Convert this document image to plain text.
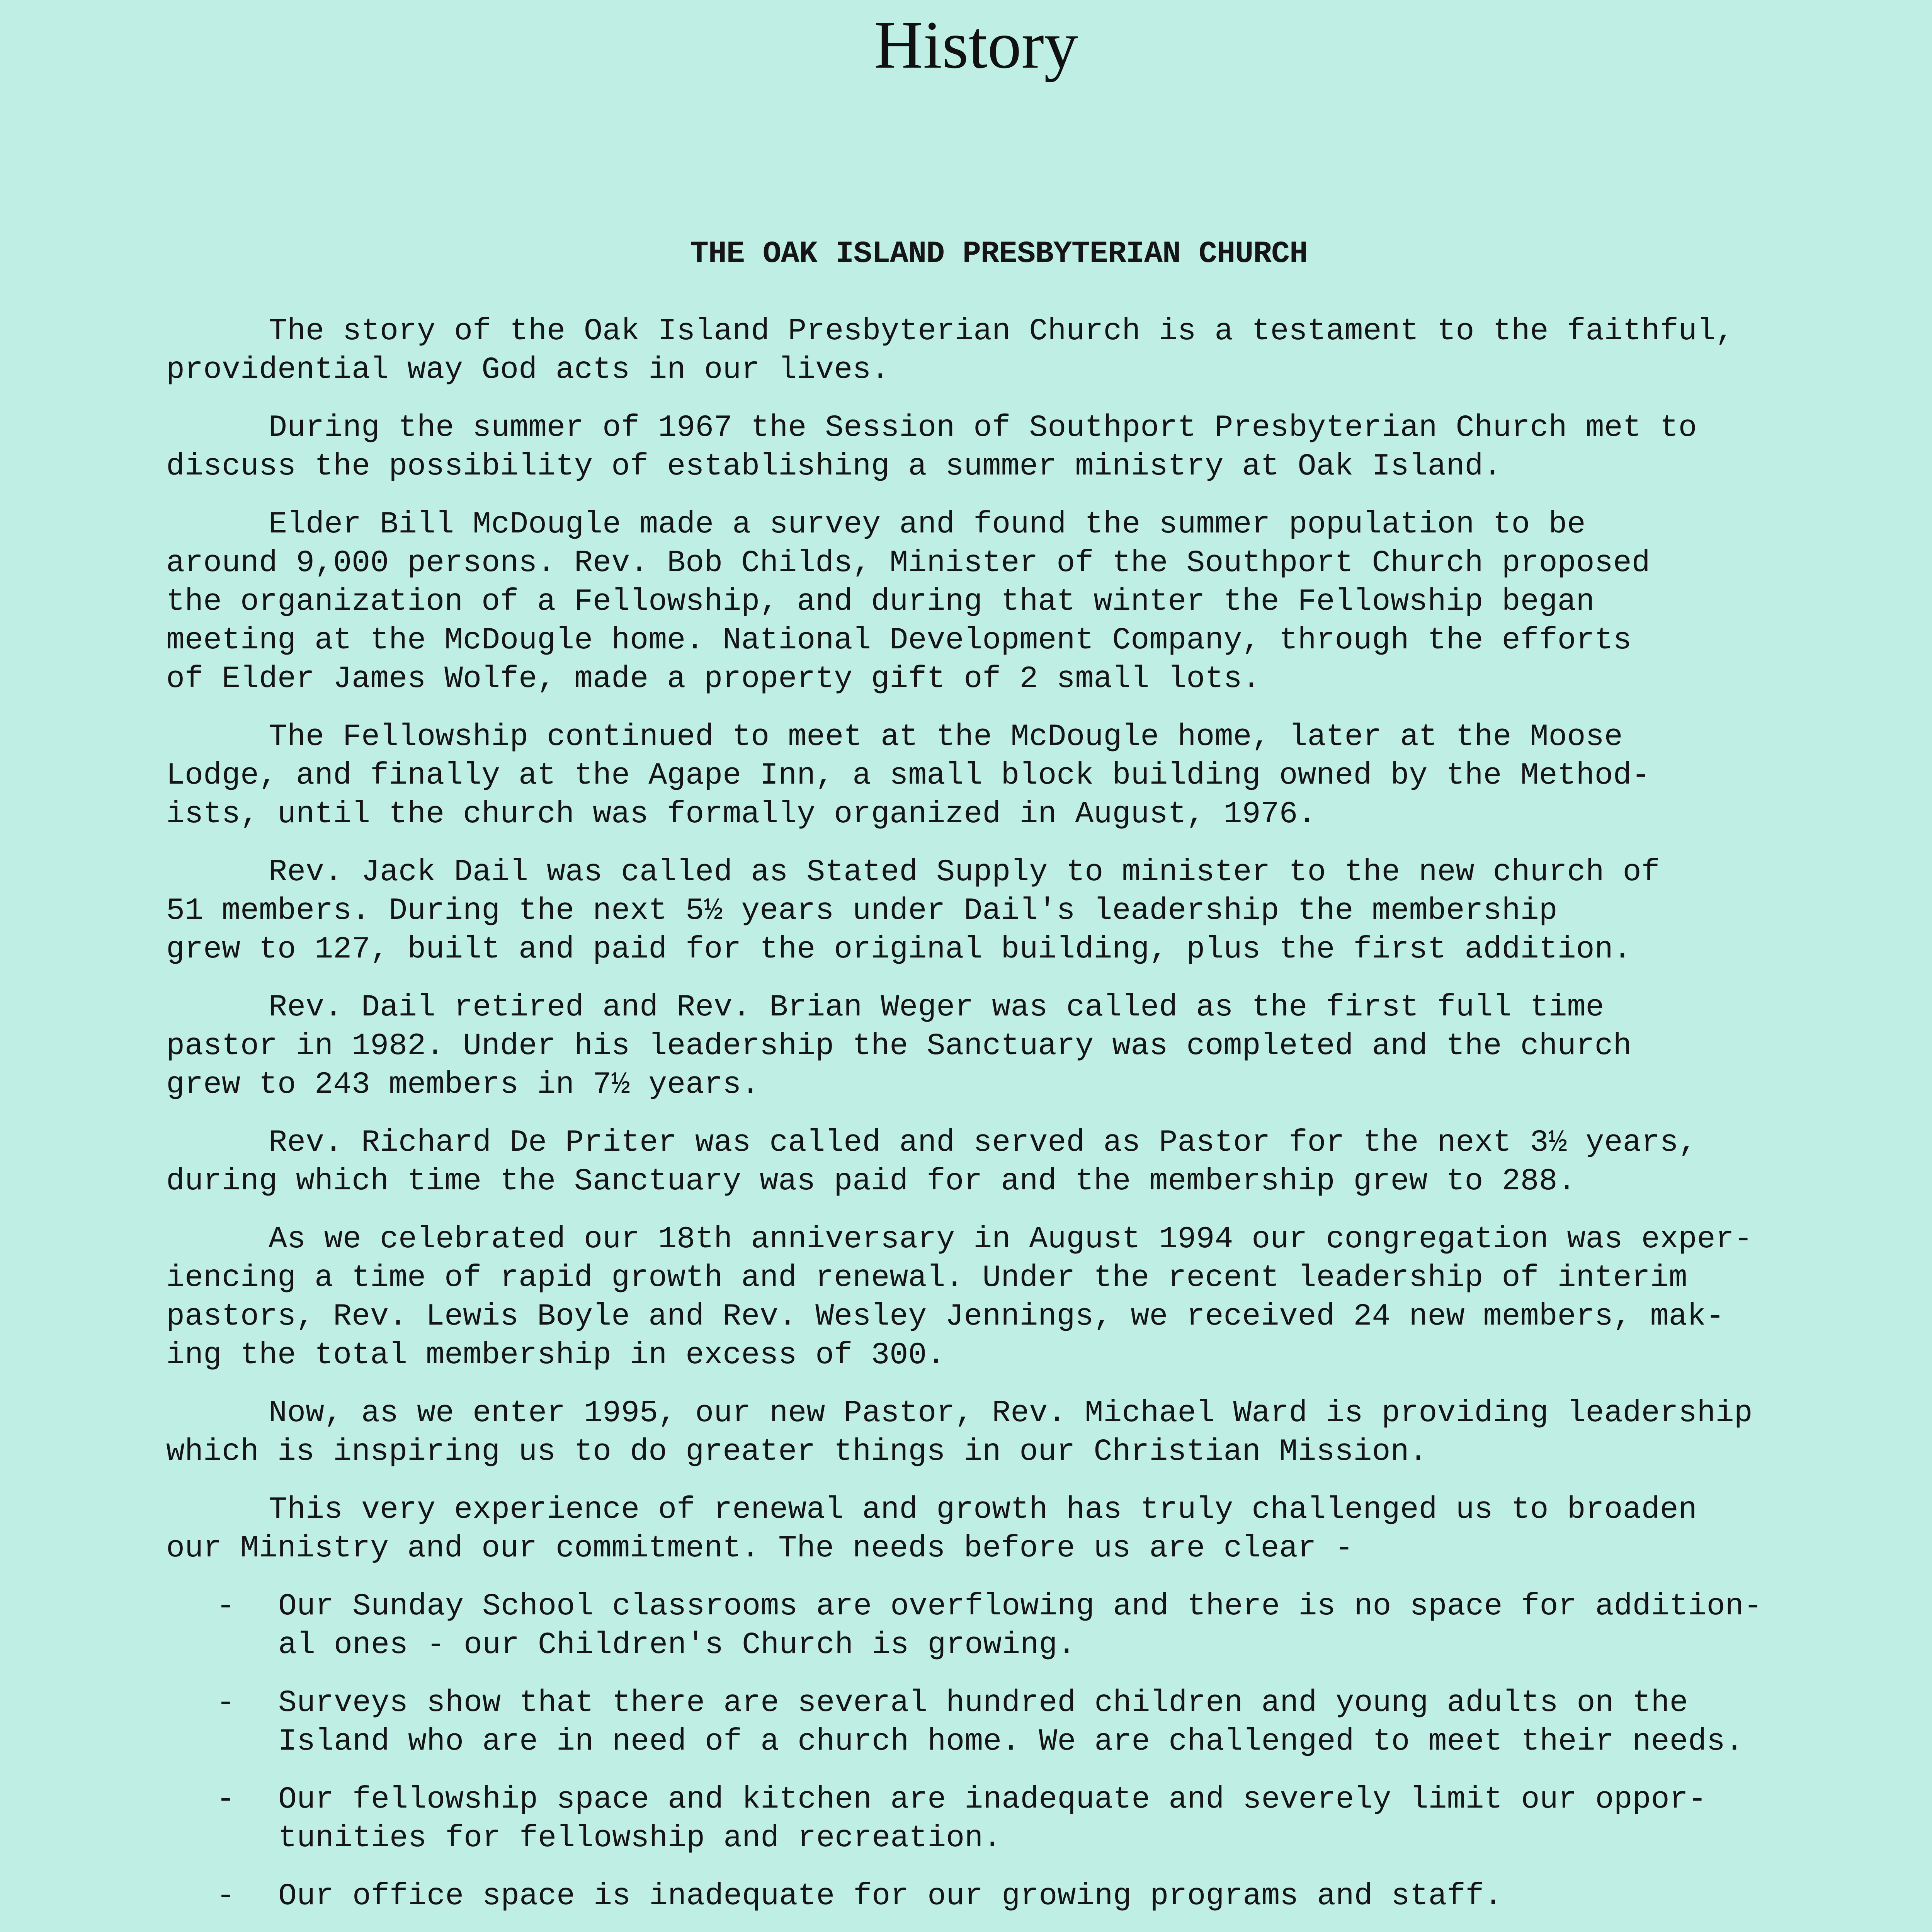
History
THE OAK ISLAND PRESBYTERIAN CHURCH

The story of the Oak Island Presbyterian Church is a testament to the faithful,
providential way God acts in our lives.

During the summer of 1967 the Session of Southport Presbyterian Church met to
discuss the possibility of establishing a summer ministry at Oak Island.

Elder Bill McDougle made a survey and found the summer population to be
around 9,000 persons. Rev. Bob Childs, Minister of the Southport Church proposed
the organization of a Fellowship, and during that winter the Fellowship began
meeting at the McDougle home. National Development Company, through the efforts
of Elder James Wolfe, made a property gift of 2 small lots.

The Fellowship continued to meet at the McDougle home, later at the Moose
Lodge, and finally at the Agape Inn, a small block building owned by the Method-
ists, until the church was formally organized in August, 1976.

Rev. Jack Dail was called as Stated Supply to minister to the new church of
51 members. During the next 5½ years under Dail's leadership the membership
grew to 127, built and paid for the original building, plus the first addition.

Rev. Dail retired and Rev. Brian Weger was called as the first full time
pastor in 1982. Under his leadership the Sanctuary was completed and the church
grew to 243 members in 7½ years.

Rev. Richard De Priter was called and served as Pastor for the next 3½ years,
during which time the Sanctuary was paid for and the membership grew to 288.

As we celebrated our 18th anniversary in August 1994 our congregation was exper-
iencing a time of rapid growth and renewal. Under the recent leadership of interim
pastors, Rev. Lewis Boyle and Rev. Wesley Jennings, we received 24 new members, mak-
ing the total membership in excess of 300.

Now, as we enter 1995, our new Pastor, Rev. Michael Ward is providing leadership
which is inspiring us to do greater things in our Christian Mission.

This very experience of renewal and growth has truly challenged us to broaden
our Ministry and our commitment. The needs before us are clear -

-	Our Sunday School classrooms are overflowing and there is no space for addition-
al ones - our Children's Church is growing.
-	Surveys show that there are several hundred children and young adults on the
Island who are in need of a church home. We are challenged to meet their needs.
-	Our fellowship space and kitchen are inadequate and severely limit our oppor-
tunities for fellowship and recreation.
-	Our office space is inadequate for our growing programs and staff.
